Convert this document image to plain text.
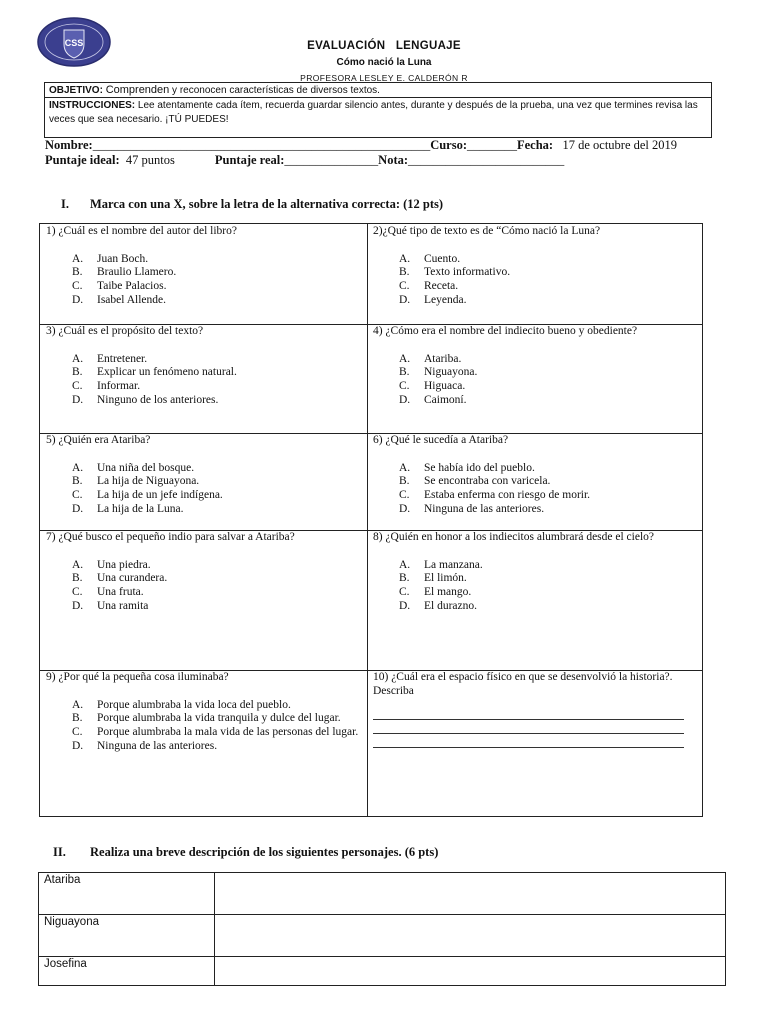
CSS	EVALUACIÓN   LENGUAJE
Cómo nació la Luna
PROFESORA LESLEY E. CALDERÓN R
OBJETIVO: Comprenden y reconocen características de diversos textos.
INSTRUCCIONES: Lee atentamente cada ítem, recuerda guardar silencio antes, durante y después de la prueba, una vez que termines revisa las veces que sea necesario. ¡TÚ PUEDES!
Nombre:______________________________________________________Curso:________Fecha: 17 de octubre del 2019
Puntaje ideal: 47 puntos	Puntaje real:_______________Nota:_________________________
I. Marca con una X, sobre la letra de la alternativa correcta: (12 pts)

1) ¿Cuál es el nombre del autor del libro?

A. Juan Boch.
B. Braulio Llamero.
C. Taibe Palacios.
D. Isabel Allende.

2)¿Qué tipo de texto es de “Cómo nació la Luna?

A. Cuento.
B. Texto informativo.
C. Receta.
D. Leyenda.

3) ¿Cuál es el propósito del texto?

A. Entretener.
B. Explicar un fenómeno natural.
C. Informar.
D. Ninguno de los anteriores.

4) ¿Cómo era el nombre del indiecito bueno y obediente?

A. Atariba.
B. Niguayona.
C. Higuaca.
D. Caimoní.

5) ¿Quién era Atariba?

A. Una niña del bosque.
B. La hija de Niguayona.
C. La hija de un jefe indígena.
D. La hija de la Luna.

6) ¿Qué le sucedía a Atariba?

A. Se había ido del pueblo.
B. Se encontraba con varicela.
C. Estaba enferma con riesgo de morir.
D. Ninguna de las anteriores.

7) ¿Qué busco el pequeño indio para salvar a Atariba?

A. Una piedra.
B. Una curandera.
C. Una fruta.
D. Una ramita

8) ¿Quién en honor a los indiecitos alumbrará desde el cielo?

A. La manzana.
B. El limón.
C. El mango.
D. El durazno.

9) ¿Por qué la pequeña cosa iluminaba?

A. Porque alumbraba la vida loca del pueblo.
B. Porque alumbraba la vida tranquila y dulce del lugar.
C. Porque alumbraba la mala vida de las personas del lugar.
D. Ninguna de las anteriores.

10) ¿Cuál era el espacio físico en que se desenvolvió la historia?. Describa

II. Realiza una breve descripción de los siguientes personajes. (6 pts)
Atariba
Niguayona
Josefina
